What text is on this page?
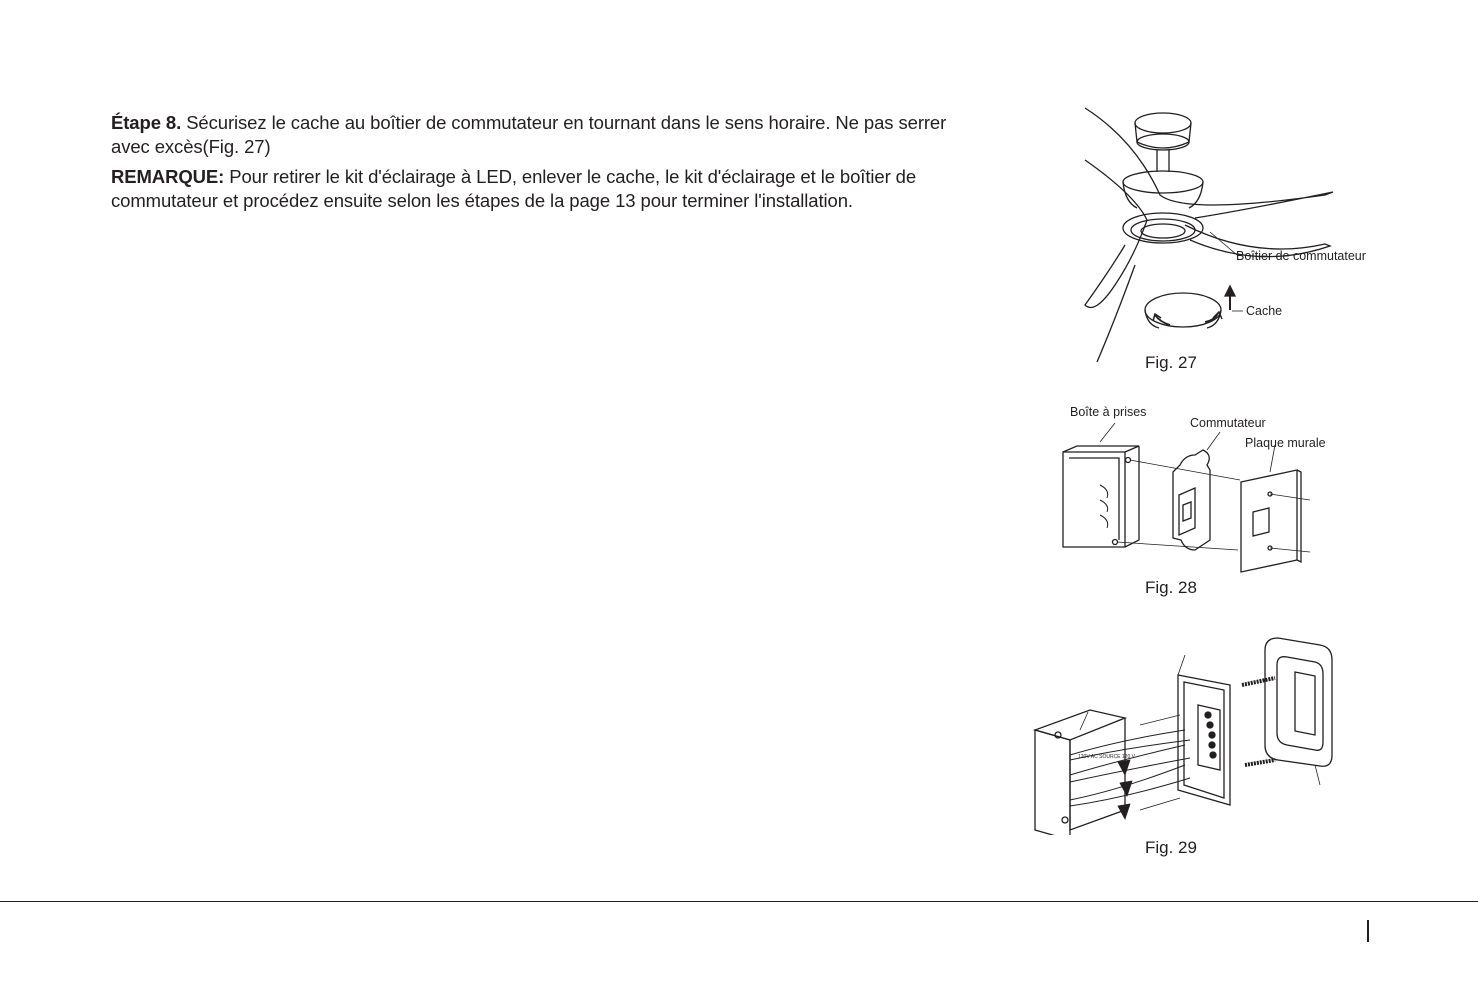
Étape 8. Sécurisez le cache au boîtier de commutateur en tournant dans le sens horaire. Ne pas serrer avec excès(Fig. 27)

REMARQUE: Pour retirer le kit d'éclairage à LED, enlever le cache, le kit d'éclairage et le boîtier de commutateur et procédez ensuite selon les étapes de la page 13 pour terminer l'installation.

Boîtier de commutateur
Cache
Fig. 27
Boîte à prises
Commutateur
Plaque murale
Fig. 28
120V AC SOURCE 120 V
Fig. 29
